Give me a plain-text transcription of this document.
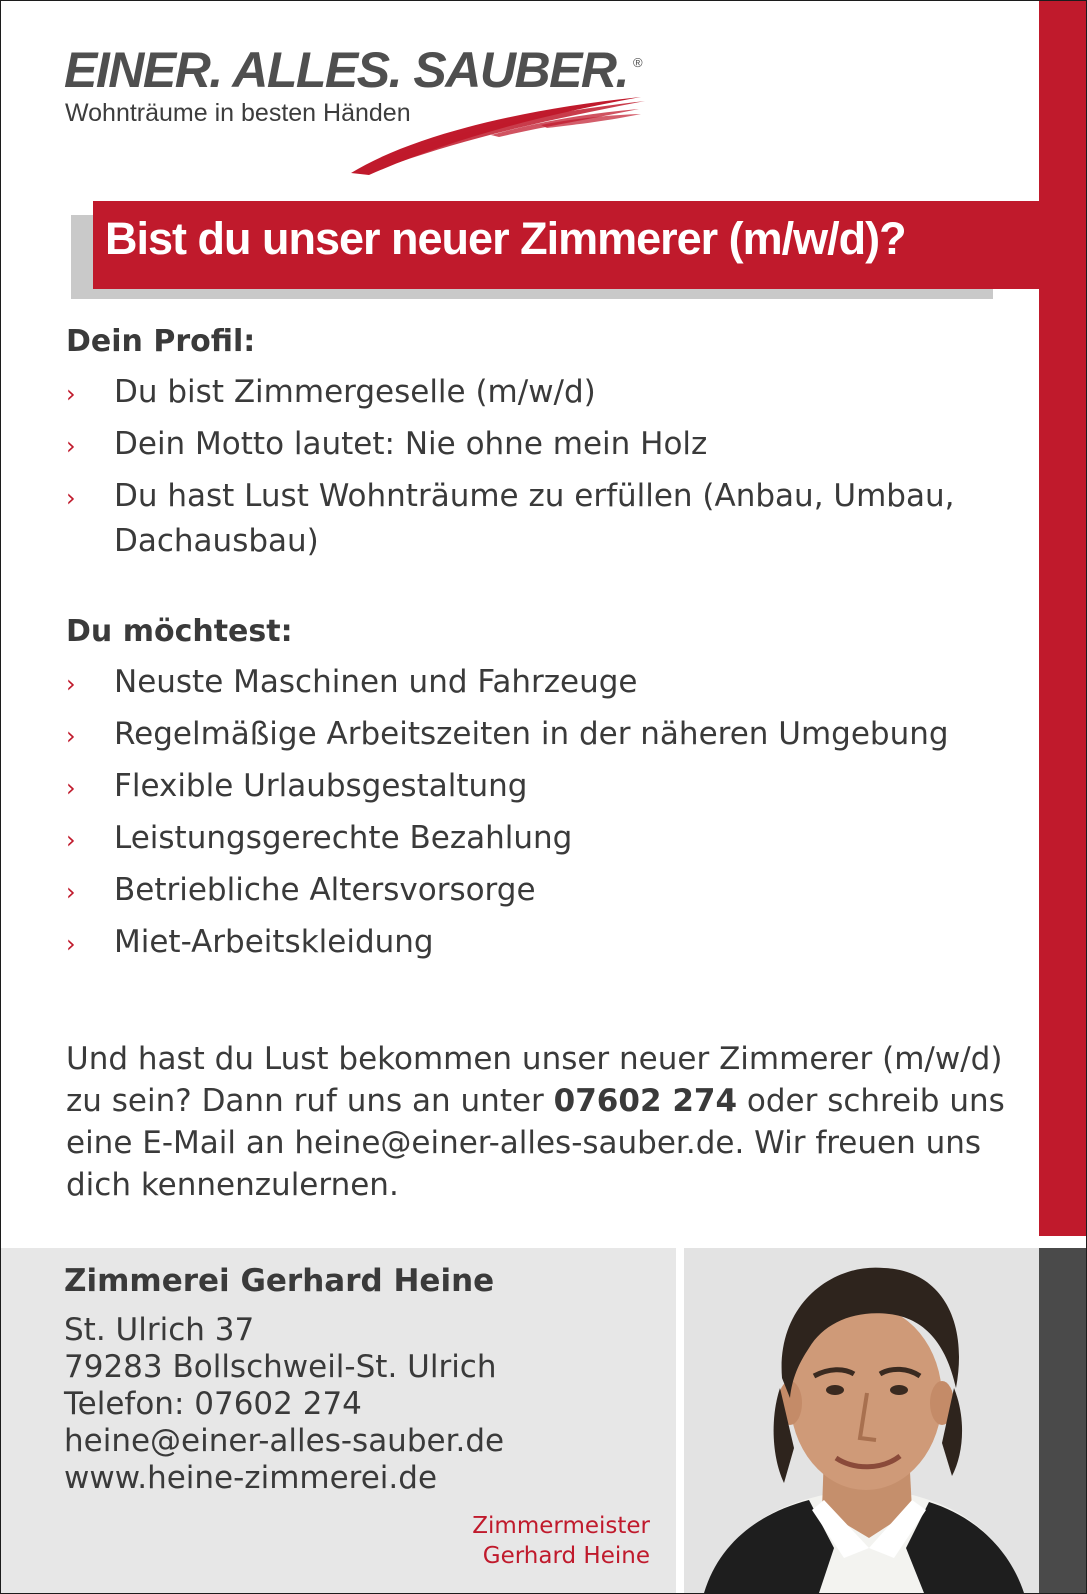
EINER. ALLES. SAUBER. ®

Wohnträume in besten Händen

Bist du unser neuer Zimmerer (m/w/d)?
Dein Profil:
› Du bist Zimmergeselle (m/w/d)
› Dein Motto lautet: Nie ohne mein Holz
› Du hast Lust Wohnträume zu erfüllen (Anbau, Umbau, Dachausbau)
Du möchtest:
› Neuste Maschinen und Fahrzeuge
› Regelmäßige Arbeitszeiten in der näheren Umgebung
› Flexible Urlaubsgestaltung
› Leistungsgerechte Bezahlung
› Betriebliche Altersvorsorge
› Miet-Arbeitskleidung

Und hast du Lust bekommen unser neuer Zimmerer (m/w/d) zu sein? Dann ruf uns an unter 07602 274 oder schreib uns eine E-Mail an heine@einer-alles-sauber.de. Wir freuen uns dich kennenzulernen.

Zimmerei Gerhard Heine
St. Ulrich 37
79283 Bollschweil-St. Ulrich
Telefon: 07602 274
heine@einer-alles-sauber.de
www.heine-zimmerei.de
Zimmermeister
Gerhard Heine
